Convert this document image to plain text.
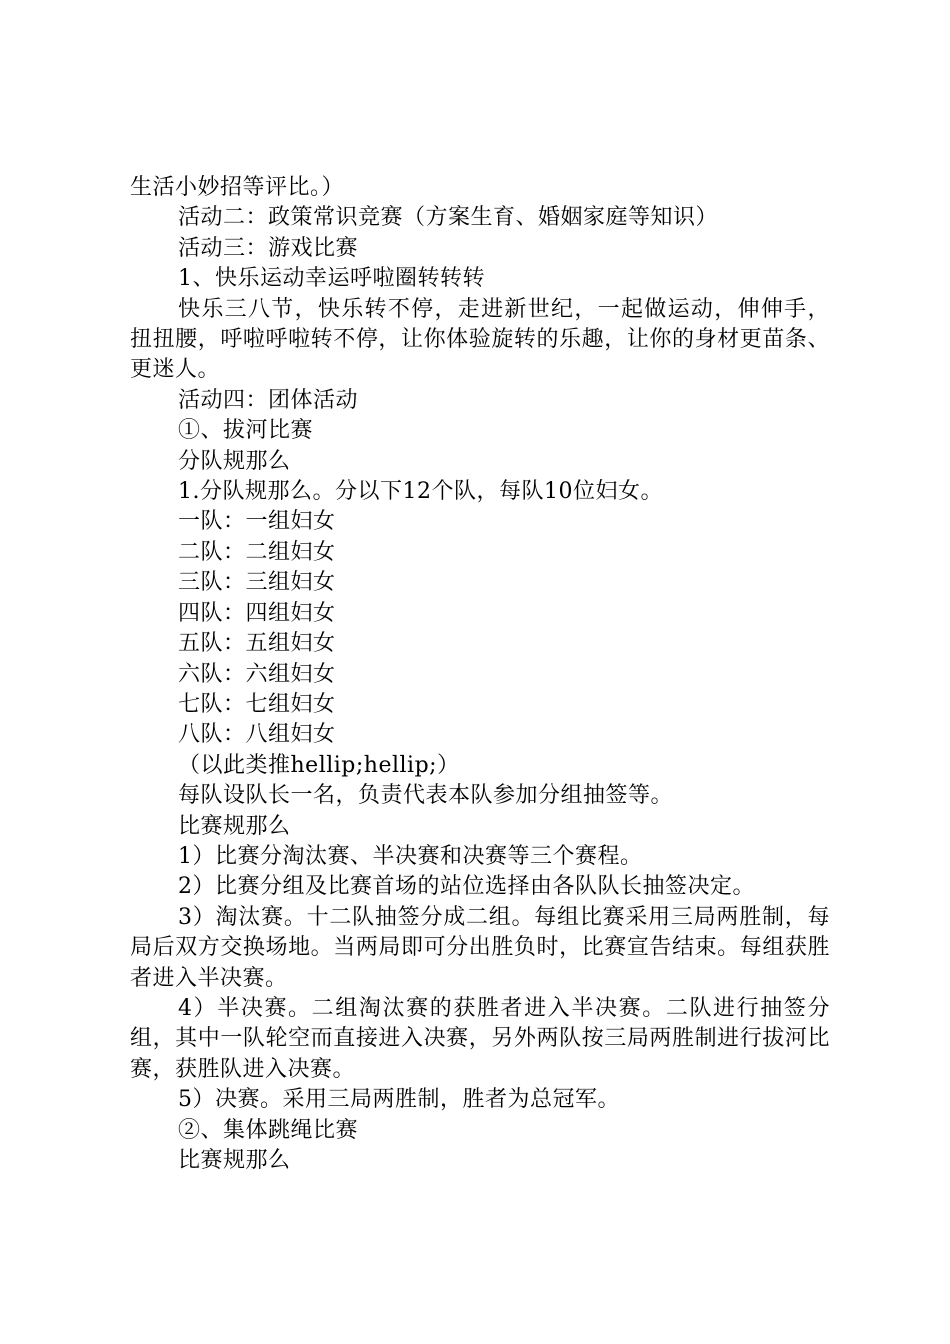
生活小妙招等评比。）

活动二：政策常识竞赛（方案生育、婚姻家庭等知识）

活动三：游戏比赛

1、快乐运动幸运呼啦圈转转转

快乐三八节，快乐转不停，走进新世纪，一起做运动，伸伸手，扭扭腰，呼啦呼啦转不停，让你体验旋转的乐趣，让你的身材更苗条、更迷人。

活动四：团体活动

①、拔河比赛

分队规那么

1.分队规那么。分以下12个队，每队10位妇女。

一队：一组妇女

二队：二组妇女

三队：三组妇女

四队：四组妇女

五队：五组妇女

六队：六组妇女

七队：七组妇女

八队：八组妇女

（以此类推hellip;hellip;）

每队设队长一名，负责代表本队参加分组抽签等。

比赛规那么

1）比赛分淘汰赛、半决赛和决赛等三个赛程。

2）比赛分组及比赛首场的站位选择由各队队长抽签决定。

3）淘汰赛。十二队抽签分成二组。每组比赛采用三局两胜制，每局后双方交换场地。当两局即可分出胜负时，比赛宣告结束。每组获胜者进入半决赛。

4）半决赛。二组淘汰赛的获胜者进入半决赛。二队进行抽签分组，其中一队轮空而直接进入决赛，另外两队按三局两胜制进行拔河比赛，获胜队进入决赛。

5）决赛。采用三局两胜制，胜者为总冠军。

②、集体跳绳比赛

比赛规那么
